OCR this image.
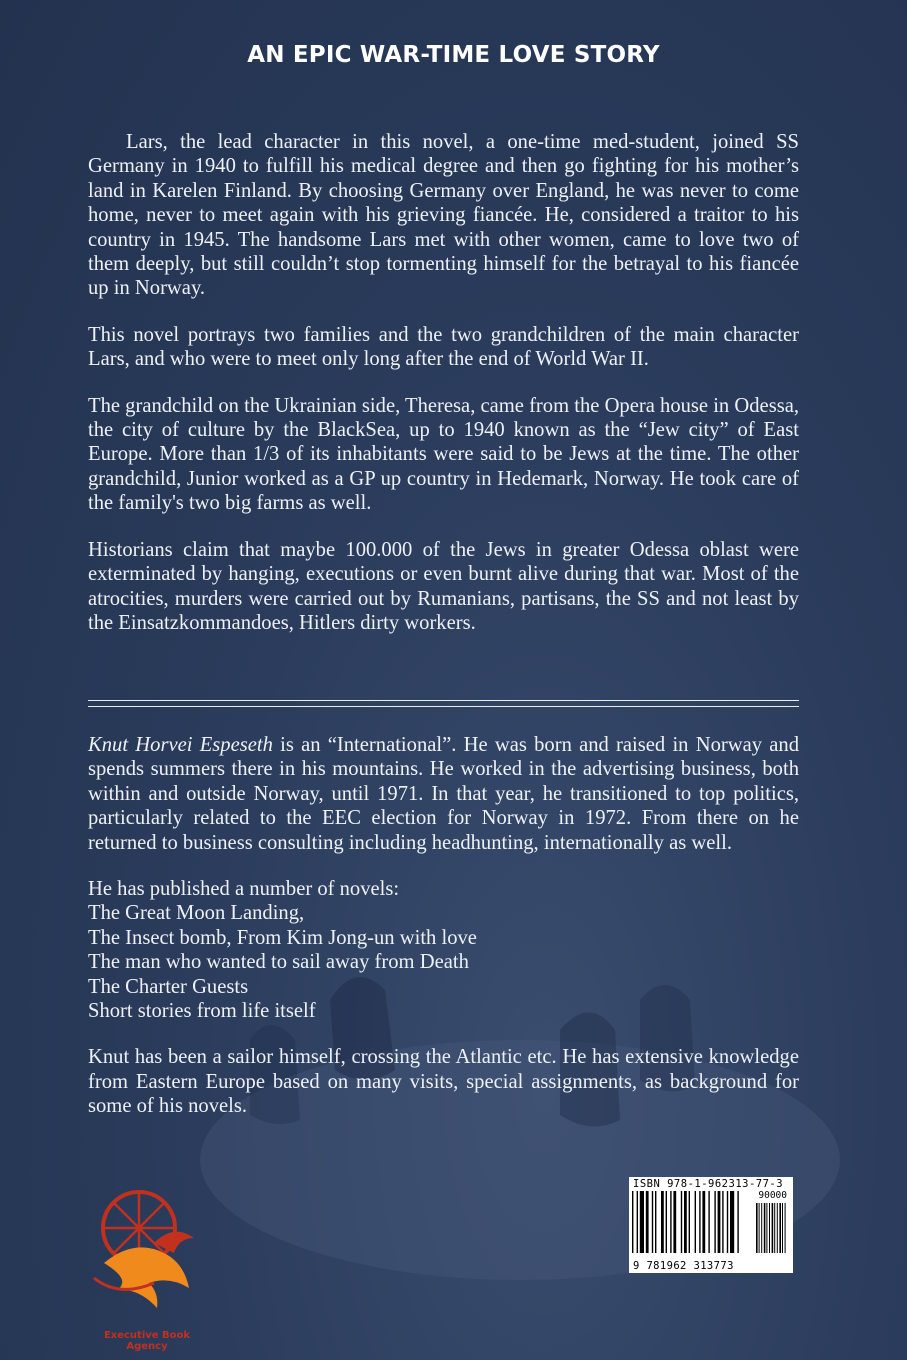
AN EPIC WAR-TIME LOVE STORY

Lars, the lead character in this novel, a one-time med-student, joined SS Germany in 1940 to fulfill his medical degree and then go fighting for his mother’s land in Karelen Finland. By choosing Germany over England, he was never to come home, never to meet again with his grieving fiancée. He, considered a traitor to his country in 1945. The handsome Lars met with other women, came to love two of them deeply, but still couldn’t stop tormenting himself for the betrayal to his fiancée up in Norway.

This novel portrays two families and the two grandchildren of the main character Lars, and who were to meet only long after the end of World War II.

The grandchild on the Ukrainian side, Theresa, came from the Opera house in Odessa, the city of culture by the BlackSea, up to 1940 known as the “Jew city” of East Europe. More than 1/3 of its inhabitants were said to be Jews at the time. The other grandchild, Junior worked as a GP up country in Hedemark, Norway. He took care of the family's two big farms as well.

Historians claim that maybe 100.000 of the Jews in greater Odessa oblast were exterminated by hanging, executions or even burnt alive during that war. Most of the atrocities, murders were carried out by Rumanians, partisans, the SS and not least by the Einsatzkommandoes, Hitlers dirty workers.

Knut Horvei Espeseth is an “International”. He was born and raised in Norway and spends summers there in his mountains. He worked in the advertising business, both within and outside Norway, until 1971. In that year, he transitioned to top politics, particularly related to the EEC election for Norway in 1972. From there on he returned to business consulting including headhunting, internationally as well.

He has published a number of novels:
The Great Moon Landing,
The Insect bomb, From Kim Jong-un with love
The man who wanted to sail away from Death
The Charter Guests
Short stories from life itself

Knut has been a sailor himself, crossing the Atlantic etc. He has extensive knowledge from Eastern Europe based on many visits, special assignments, as background for some of his novels.

Executive Book Agency
ISBN 978-1-962313-77-3
90000
9 781962 313773
